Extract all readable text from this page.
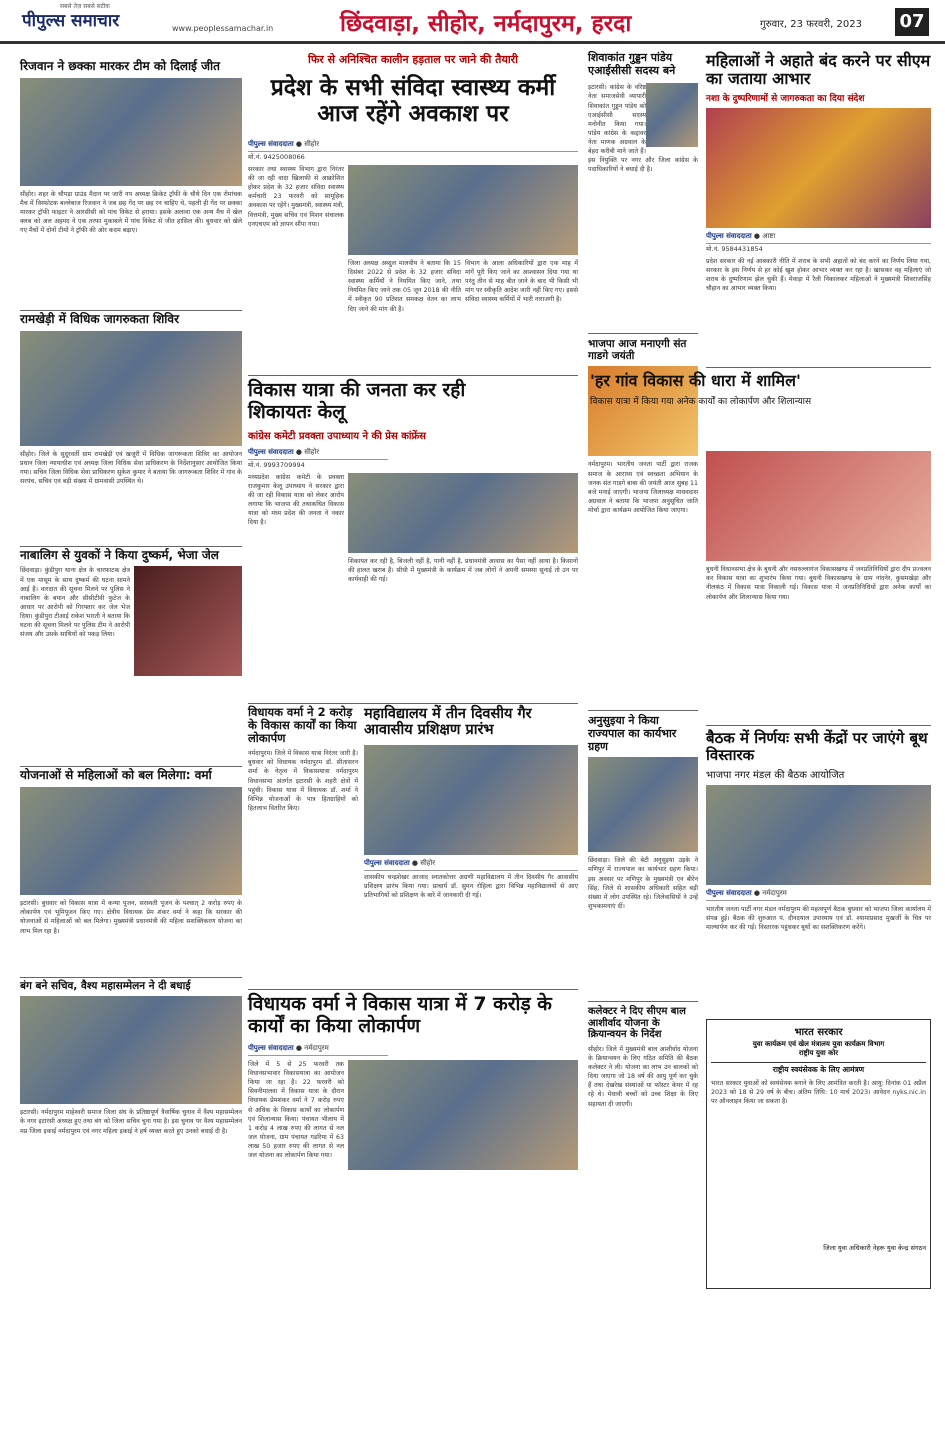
पीपुल्स समाचार
सबसे तेज़ सबसे सटीक
www.peoplessamachar.in	छिंदवाड़ा, सीहोर, नर्मदापुरम, हरदा	गुरुवार, 23 फरवरी, 2023 07
रिजवान ने छक्का मारकर टीम को दिलाई जीत
सीहोर। शहर के चौपड़ा ग्राउंड मैदान पर जारी नप अध्यक्ष क्रिकेट ट्रॉफी के चौथे दिन एक रोमांचक मैच में विस्फोटक बल्लेबाज रिजवान ने जब छह गेंद पर छह रन चाहिए थे, पहली ही गेंद पर छक्का मारकर ट्रॉफी फाइटर ने आरसीसी को पांच विकेट से हराया। इसके अलावा एक अन्य मैच में खेल क्लब को अल अहमद ने एक तरफा मुकाबले में पांच विकेट से जीत हासिल की। बुधवार को खेले गए मैचों में दोनों टीमों ने ट्रॉफी की ओर कदम बढ़ाए।
रामखेड़ी में विधिक जागरुकता शिविर
सीहोर। जिले के सुदूरवर्ती ग्राम रामखेड़ी एवं खजूरी में विधिक जागरूकता शिविर का आयोजन प्रधान जिला न्यायाधीश एवं अध्यक्ष जिला विधिक सेवा प्राधिकरण के निर्देशानुसार आयोजित किया गया। सचिव जिला विधिक सेवा प्राधिकरण सुकेश कुमार ने बताया कि जागरूकता शिविर में गांव के सरपंच, सचिव एवं बड़ी संख्या में ग्रामवासी उपस्थित थे।
नाबालिग से युवकों ने किया दुष्कर्म, भेजा जेल
छिंदवाड़ा। कुंडीपुरा थाना क्षेत्र के चारफाटक क्षेत्र में एक मासूम के साथ दुष्कर्म की घटना सामने आई है। वारदात की सूचना मिलने पर पुलिस ने नाबालिग के बयान और सीसीटीवी फुटेज के आधार पर आरोपी को गिरफ्तार कर जेल भेज दिया। कुंडीपुरा टीआई राकेश भारती ने बताया कि घटना की सूचना मिलने पर पुलिस टीम ने आरोपी संजय और उसके साथियों को पकड़ लिया।
योजनाओं से महिलाओं को बल मिलेगा: वर्मा
इटारसी। बुधवार को विकास यात्रा में कन्या पूजन, सरस्वती पूजन के पश्चात् 2 करोड़ रुपए के लोकार्पण एवं भूमिपूजन किए गए। क्षेत्रीय विधायक प्रेम शंकर वर्मा ने कहा कि सरकार की योजनाओं से महिलाओं को बल मिलेगा। मुख्यमंत्री प्रधानमंत्री की महिला सशक्तिकरण योजना का लाभ मिल रहा है।
बंग बने सचिव, वैश्य महासम्मेलन ने दी बधाई
इटारसी। नर्मदापुरम माहेश्वरी समाज जिला संघ के प्रतिष्ठापूर्ण त्रैवार्षिक चुनाव में वैश्य महासम्मेलन के नगर इटारसी अध्यक्ष हुए तथा बंग को जिला सचिव चुना गया है। इस चुनाव पर वैश्य महासम्मेलन मप्र जिला इकाई नर्मदापुरम एवं नगर महिला इकाई ने हर्ष व्यक्त करते हुए उनको बधाई दी है।
फिर से अनिश्चित कालीन हड़ताल पर जाने की तैयारी
प्रदेश के सभी संविदा स्वास्थ्य कर्मी आज रहेंगे अवकाश पर
पीपुल्स संवाददाता ● सीहोर
मो.नं. 9425008066
सरकार तथा स्वास्थ्य विभाग द्वारा निरंतर की जा रही वादा खिलाफी से आक्रोशित होकर प्रदेश के 32 हजार संविदा स्वास्थ्य कर्मचारी 23 फरवरी को सामूहिक अवकाश पर रहेंगे। मुख्यमंत्री, स्वास्थ्य मंत्री, वित्तमंत्री, मुख्य सचिव एवं मिशन संचालक एनएचएम को ज्ञापन सौंपा गया।
जिला अध्यक्ष अब्दुल मालवीय ने बताया कि 15 दिसंबर 2022 से प्रदेश के 32 हजार संविदा स्वास्थ्य कर्मियों ने नियमित किए जाने, तथा नियमित किए जाने तक 05 जून 2018 की नीति में स्वीकृत 90 प्रतिशत समकक्ष वेतन का लाभ दिए जाने की मांग की है।
विभाग के आला अधिकारियों द्वारा एक माह में मांगें पूरी किए जाने का आश्वासन दिया गया था परंतु तीन से माह बीत जाने के बाद भी किसी भी मांग पर स्वीकृति आदेश जारी नहीं किए गए। इससे संविदा स्वास्थ्य कर्मियों में भारी नाराजगी है।
विकास यात्रा की जनता कर रही शिकायतः केलू
कांग्रेस कमेटी प्रवक्ता उपाध्याय ने की प्रेस कांफ्रेंस
पीपुल्स संवाददाता ● सीहोर
मो.नं. 9993709994
मध्यप्रदेश कांग्रेस कमेटी के प्रवक्ता राजकुमार केलू उपाध्याय ने सरकार द्वारा की जा रही विकास यात्रा को लेकर आरोप लगाया कि भाजपा की तथाकथित विकास यात्रा को मध्य प्रदेश की जनता ने नकार दिया है।
शिकायत कर रही है, बिजली नहीं है, पानी नहीं है, प्रधानमंत्री आवास का पैसा नहीं आया है। किसानों की हालत खराब है। सीधी में मुख्यमंत्री के कार्यक्रम में जब लोगों ने अपनी समस्या सुनाई तो उन पर कार्यवाही की गई।
विधायक वर्मा ने 2 करोड़ के विकास कार्यों का किया लोकार्पण
नर्मदापुरम। जिले में विकास यात्रा निरंतर जारी है। बुधवार को विधायक नर्मदापुरम डॉ. सीतासरन शर्मा के नेतृत्व में विकासयात्रा नर्मदापुरम विधानसभा अंतर्गत इटारसी के शहरी क्षेत्रों में पहुंची। विकास यात्रा में विधायक डॉ. शर्मा ने विभिन्न योजनाओं के पात्र हितग्राहियों को हितलाभ वितरित किए।
महाविद्यालय में तीन दिवसीय गैर आवासीय प्रशिक्षण प्रारंभ
पीपुल्स संवाददाता ● सीहोर
शासकीय चन्द्रशेखर आजाद स्नातकोत्तर अग्रणी महाविद्यालय में तीन दिवसीय गैर आवासीय प्रशिक्षण प्रारंभ किया गया। प्राचार्य डॉ. सुमन रोहिला द्वारा विभिन्न महाविद्यालयों से आए प्रतिभागियों को प्रशिक्षण के बारे में जानकारी दी गई।
विधायक वर्मा ने विकास यात्रा में 7 करोड़ के कार्यों का किया लोकार्पण
पीपुल्स संवाददाता ● नर्मदापुरम
जिले में 5 से 25 फरवरी तक विधानसभावार विकासयात्रा का आयोजन किया जा रहा है। 22 फरवरी को सिवनीमालवा में विकास यात्रा के दौरान विधायक प्रेमशंकर वर्मा ने 7 करोड़ रुपए से अधिक के विकास कार्यों का लोकार्पण एवं शिलान्यास किया। पंचायत भीलाय में 1 करोड़ 4 लाख रुपए की लागत से नल जल योजना, ग्राम पंचायत गडरिया में 63 लाख 50 हजार रुपए की लागत से नल जल योजना का लोकार्पण किया गया।
शिवाकांत गुड्डन पांडेय एआईसीसी सदस्य बने
इटारसी। कांग्रेस के वरिष्ठ नेता समाजसेवी व्यापारी शिवाकांत गुड्डन पांडेय को एआईसीसी सदस्य मनोनीत किया गया। पांडेय कांग्रेस के कद्दावर नेता माणक अग्रवाल के बेहद करीबी माने जाते हैं। इस नियुक्ति पर नगर और जिला कांग्रेस के पदाधिकारियों ने बधाई दी है।
भाजपा आज मनाएगी संत गाडगे जयंती
नर्मदापुरम। भारतीय जनता पार्टी द्वारा राजक समाज के आराध्य एवं स्वच्छता अभियान के जनक संत गाडगे बाबा की जयंती आज सुबह 11 बजे मनाई जाएगी। भाजपा जिलाध्यक्ष माधवदास अग्रवाल ने बताया कि भाजपा अनुसूचित जाति मोर्चा द्वारा कार्यक्रम आयोजित किया जाएगा।
अनुसुइया ने किया राज्यपाल का कार्यभार ग्रहण
छिंदवाड़ा। जिले की बेटी अनुसुइया उइके ने मणिपुर में राज्यपाल का कार्यभार ग्रहण किया। इस अवसर पर मणिपुर के मुख्यमंत्री एन बीरेन सिंह, जिले से शासकीय अधिकारी सहित बड़ी संख्या में लोग उपस्थित रहे। जिलेवासियों ने उन्हें शुभकामनाएं दीं।
कलेक्टर ने दिए सीएम बाल आशीर्वाद योजना के क्रियान्वयन के निर्देश
सीहोर। जिले में मुख्यमंत्री बाल आशीर्वाद योजना के क्रियान्वयन के लिए गठित समिति की बैठक कलेक्टर ने ली। योजना का लाभ उन बालकों को दिया जाएगा जो 18 वर्ष की आयु पूर्ण कर चुके हैं तथा देखरेख संस्थाओं या फॉस्टर केयर में रह रहे थे। मेधावी बच्चों को उच्च शिक्षा के लिए सहायता दी जाएगी।
महिलाओं ने अहाते बंद करने पर सीएम का जताया आभार
नशा के दुष्परिणामों से जागरुकता का दिया संदेश
पीपुल्स संवाददाता ● आष्टा
मो.नं. 9584431854
प्रदेश सरकार की नई आबकारी नीति में शराब के सभी अहातों को बंद करने का निर्णय लिया गया, सरकार के इस निर्णय से हर कोई खुश होकर आभार व्यक्त कर रहा है। खासकर वह महिलाएं जो शराब के दुष्परिणाम झेल चुकी हैं। मेवाड़ा में रैली निकालकर महिलाओं ने मुख्यमंत्री शिवराजसिंह चौहान का आभार व्यक्त किया।
'हर गांव विकास की धारा में शामिल'
विकास यात्रा में किया गया अनेक कार्यों का लोकार्पण और शिलान्यास
बुधनी विधानसभा क्षेत्र के बुधनी और नसरुल्लागंज विकासखण्ड में जनप्रतिनिधियों द्वारा दीप प्रज्वलन कर विकास यात्रा का शुभारंभ किया गया। बुधनी विकासखण्ड के ग्राम नांदनेर, कुसमखेड़ा और नीलकंठ में विकास यात्रा निकाली गई। विकास यात्रा में जनप्रतिनिधियों द्वारा अनेक कार्यों का लोकार्पण और शिलान्यास किया गया।
बैठक में निर्णयः सभी केंद्रों पर जाएंगे बूथ विस्तारक
भाजपा नगर मंडल की बैठक आयोजित
पीपुल्स संवाददाता ● नर्मदापुरम
भारतीय जनता पार्टी नगर मंडल नर्मदापुरम की महत्वपूर्ण बैठक बुधवार को भाजपा जिला कार्यालय में संपन्न हुई। बैठक की शुरुआत पं. दीनदयाल उपाध्याय एवं डॉ. श्यामाप्रसाद मुखर्जी के चित्र पर माल्यार्पण कर की गई। विस्तारक पहुंचकर बूथों का सशक्तिकरण करेंगे।
भारत सरकार
युवा कार्यक्रम एवं खेल मंत्रालय युवा कार्यक्रम विभाग
राष्ट्रीय युवा कोर
राष्ट्रीय स्वयंसेवक के लिए आमंत्रण
भारत सरकार युवाओं को स्वयंसेवक बनाने के लिए आमंत्रित करती है। आयु: दिनांक 01 अप्रैल 2023 को 18 से 29 वर्ष के बीच। अंतिम तिथि: 10 मार्च 2023। आवेदन nyks.nic.in पर ऑनलाइन किया जा सकता है।
जिला युवा अधिकारी नेहरू युवा केन्द्र संगठन
